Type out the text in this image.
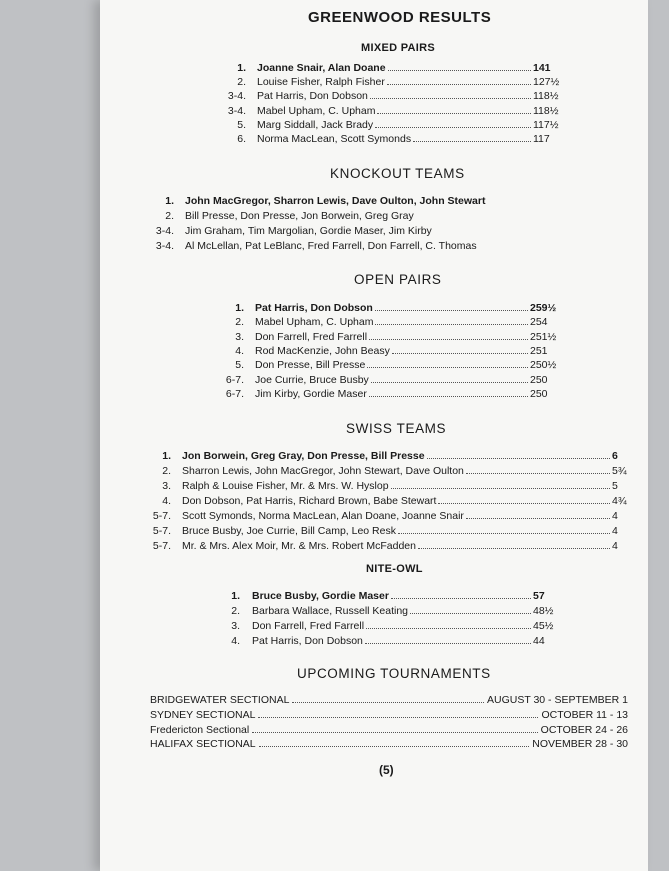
GREENWOOD RESULTS
MIXED PAIRS
1. Joanne Snair, Alan Doane	141
2. Louise Fisher, Ralph Fisher	127½
3-4. Pat Harris, Don Dobson	118½
3-4. Mabel Upham, C. Upham	118½
5. Marg Siddall, Jack Brady	117½
6. Norma MacLean, Scott Symonds	117
KNOCKOUT TEAMS
1. John MacGregor, Sharron Lewis, Dave Oulton, John Stewart
2. Bill Presse, Don Presse, Jon Borwein, Greg Gray
3-4. Jim Graham, Tim Margolian, Gordie Maser, Jim Kirby
3-4. Al McLellan, Pat LeBlanc, Fred Farrell, Don Farrell, C. Thomas
OPEN PAIRS
1. Pat Harris, Don Dobson	259½
2. Mabel Upham, C. Upham	254
3. Don Farrell, Fred Farrell	251½
4. Rod MacKenzie, John Beasy	251
5. Don Presse, Bill Presse	250½
6-7. Joe Currie, Bruce Busby	250
6-7. Jim Kirby, Gordie Maser	250
SWISS TEAMS
1. Jon Borwein, Greg Gray, Don Presse, Bill Presse	6
2. Sharron Lewis, John MacGregor, John Stewart, Dave Oulton	5¾
3. Ralph & Louise Fisher, Mr. & Mrs. W. Hyslop	5
4. Don Dobson, Pat Harris, Richard Brown, Babe Stewart	4¾
5-7. Scott Symonds, Norma MacLean, Alan Doane, Joanne Snair	4
5-7. Bruce Busby, Joe Currie, Bill Camp, Leo Resk	4
5-7. Mr. & Mrs. Alex Moir, Mr. & Mrs. Robert McFadden	4
NITE-OWL
1. Bruce Busby, Gordie Maser	57
2. Barbara Wallace, Russell Keating	48½
3. Don Farrell, Fred Farrell	45½
4. Pat Harris, Don Dobson	44
UPCOMING TOURNAMENTS
BRIDGEWATER SECTIONAL	AUGUST 30 - SEPTEMBER 1
SYDNEY SECTIONAL	OCTOBER 11 - 13
Fredericton Sectional	OCTOBER 24 - 26
HALIFAX SECTIONAL	NOVEMBER 28 - 30
(5)
